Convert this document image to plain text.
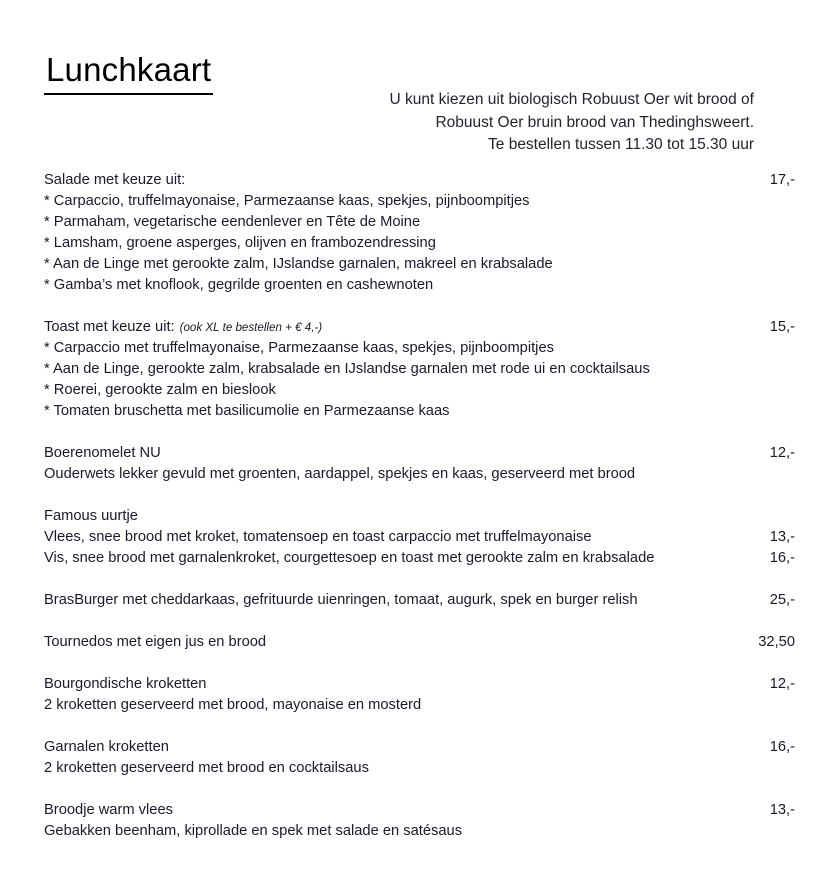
Lunchkaart
U kunt kiezen uit biologisch Robuust Oer wit brood of
Robuust Oer bruin brood van Thedinghsweert.
Te bestellen tussen 11.30 tot 15.30 uur
Salade met keuze uit:	17,-
* Carpaccio, truffelmayonaise, Parmezaanse kaas, spekjes, pijnboompitjes
* Parmaham, vegetarische eendenlever en Tête de Moine
* Lamsham, groene asperges, olijven en frambozendressing
* Aan de Linge met gerookte zalm, IJslandse garnalen, makreel en krabsalade
* Gamba’s met knoflook, gegrilde groenten en cashewnoten
Toast met keuze uit: (ook XL te bestellen + € 4,-)	15,-
* Carpaccio met truffelmayonaise, Parmezaanse kaas, spekjes, pijnboompitjes
* Aan de Linge, gerookte zalm, krabsalade en IJslandse garnalen met rode ui en cocktailsaus
* Roerei, gerookte zalm en bieslook
* Tomaten bruschetta met basilicumolie en Parmezaanse kaas
Boerenomelet NU	12,-
Ouderwets lekker gevuld met groenten, aardappel, spekjes en kaas, geserveerd met brood
Famous uurtje
Vlees, snee brood met kroket, tomatensoep en toast carpaccio met truffelmayonaise	13,-
Vis, snee brood met garnalenkroket, courgettesoep en toast met gerookte zalm en krabsalade	16,-
BrasBurger met cheddarkaas, gefrituurde uienringen, tomaat, augurk, spek en burger relish	25,-
Tournedos met eigen jus en brood	32,50
Bourgondische kroketten	12,-
2 kroketten geserveerd met brood, mayonaise en mosterd
Garnalen kroketten	16,-
2 kroketten geserveerd met brood en cocktailsaus
Broodje warm vlees	13,-
Gebakken beenham, kiprollade en spek met salade en satésaus
